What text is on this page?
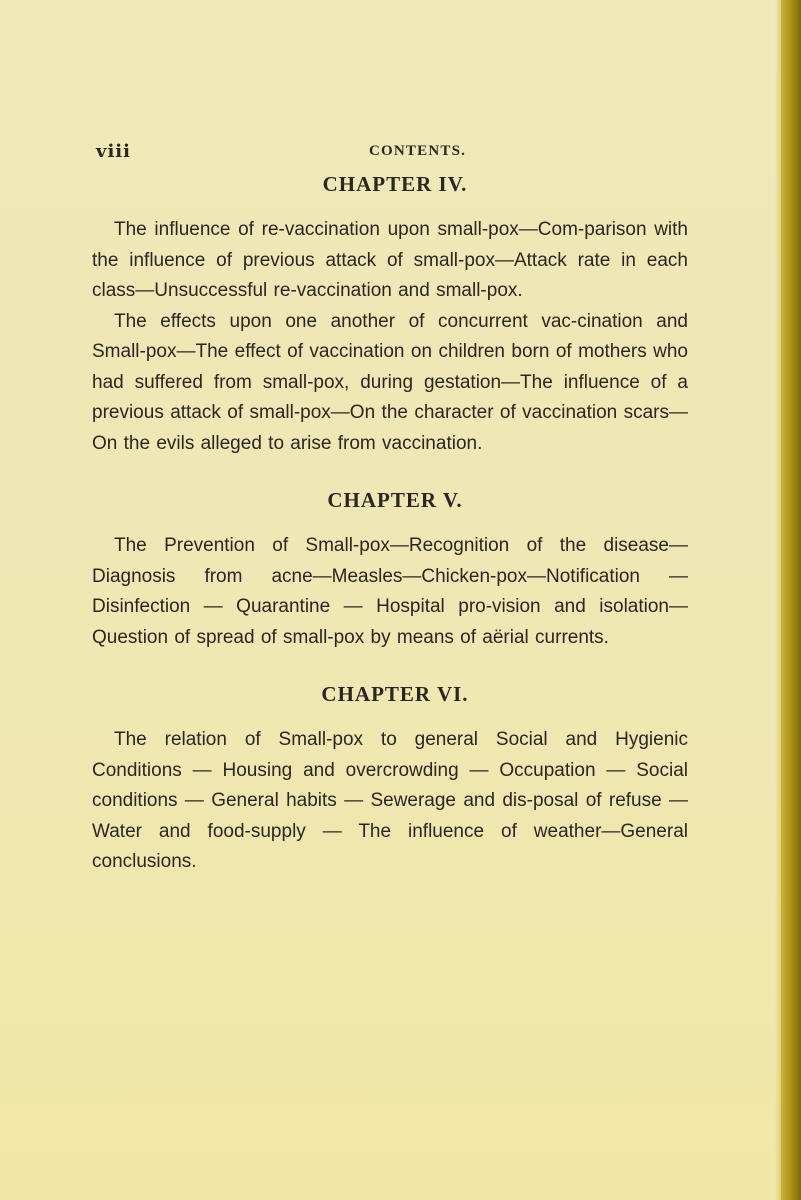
viii	CONTENTS.
CHAPTER IV.

The influence of re-vaccination upon small-pox—Com-parison with the influence of previous attack of small-pox—Attack rate in each class—Unsuccessful re-vaccination and small-pox.

The effects upon one another of concurrent vac-cination and Small-pox—The effect of vaccination on children born of mothers who had suffered from small-pox, during gestation—The influence of a previous attack of small-pox—On the character of vaccination scars—On the evils alleged to arise from vaccination.

CHAPTER V.

The Prevention of Small-pox—Recognition of the disease—Diagnosis from acne—Measles—Chicken-pox—Notification — Disinfection — Quarantine — Hospital pro-vision and isolation—Question of spread of small-pox by means of aërial currents.

CHAPTER VI.

The relation of Small-pox to general Social and Hygienic Conditions — Housing and overcrowding — Occupation — Social conditions — General habits — Sewerage and dis-posal of refuse — Water and food-supply — The influence of weather—General conclusions.
